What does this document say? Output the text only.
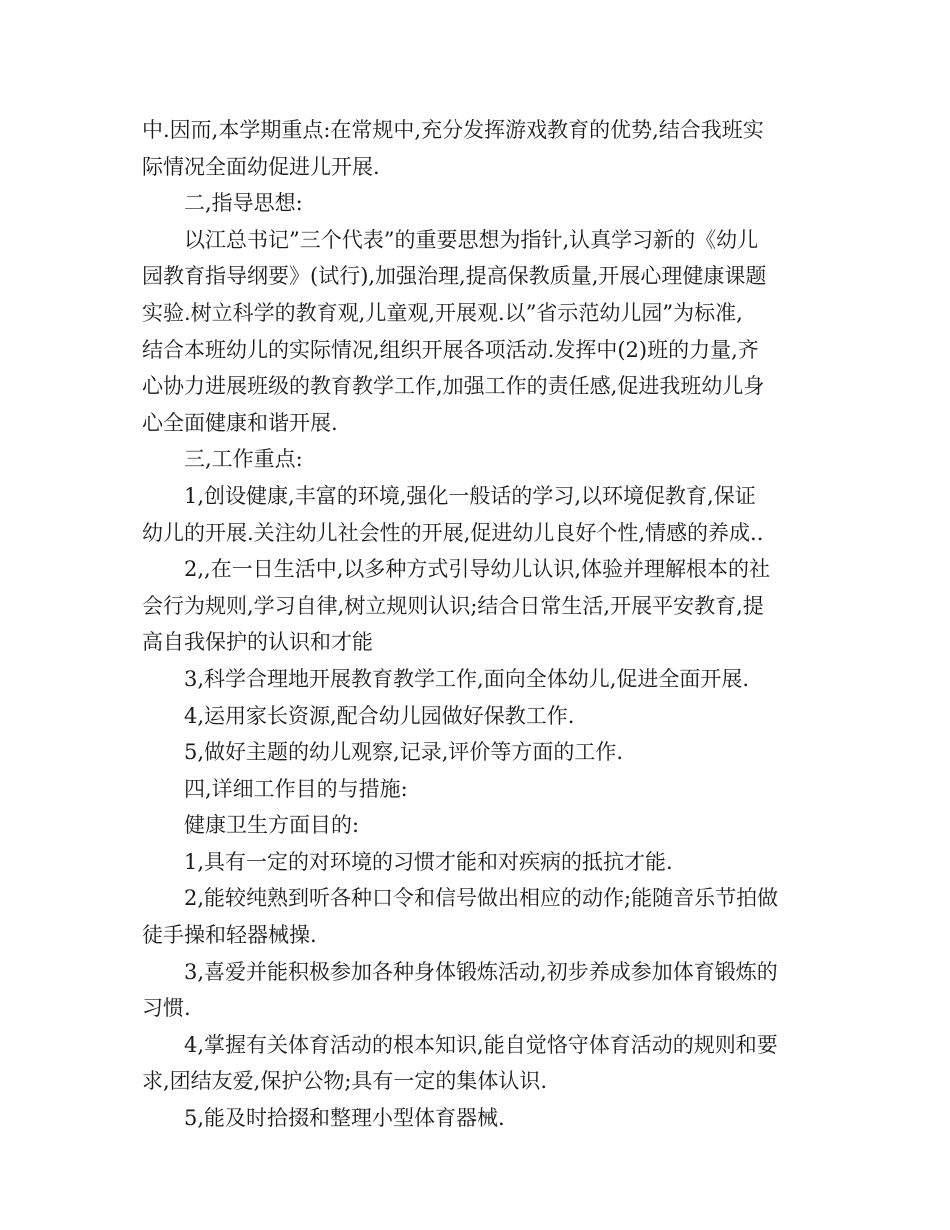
中.因而,本学期重点:在常规中,充分发挥游戏教育的优势,结合我班实
际情况全面幼促进儿开展.
二,指导思想:
以江总书记”三个代表”的重要思想为指针,认真学习新的《幼儿
园教育指导纲要》(试行),加强治理,提高保教质量,开展心理健康课题
实验.树立科学的教育观,儿童观,开展观.以”省示范幼儿园”为标准,
结合本班幼儿的实际情况,组织开展各项活动.发挥中(2)班的力量,齐
心协力进展班级的教育教学工作,加强工作的责任感,促进我班幼儿身
心全面健康和谐开展.
三,工作重点:
1,创设健康,丰富的环境,强化一般话的学习,以环境促教育,保证
幼儿的开展.关注幼儿社会性的开展,促进幼儿良好个性,情感的养成..
2,,在一日生活中,以多种方式引导幼儿认识,体验并理解根本的社
会行为规则,学习自律,树立规则认识;结合日常生活,开展平安教育,提
高自我保护的认识和才能
3,科学合理地开展教育教学工作,面向全体幼儿,促进全面开展.
4,运用家长资源,配合幼儿园做好保教工作.
5,做好主题的幼儿观察,记录,评价等方面的工作.
四,详细工作目的与措施:
健康卫生方面目的:
1,具有一定的对环境的习惯才能和对疾病的抵抗才能.
2,能较纯熟到听各种口令和信号做出相应的动作;能随音乐节拍做
徒手操和轻器械操.
3,喜爱并能积极参加各种身体锻炼活动,初步养成参加体育锻炼的
习惯.
4,掌握有关体育活动的根本知识,能自觉恪守体育活动的规则和要
求,团结友爱,保护公物;具有一定的集体认识.
5,能及时拾掇和整理小型体育器械.
